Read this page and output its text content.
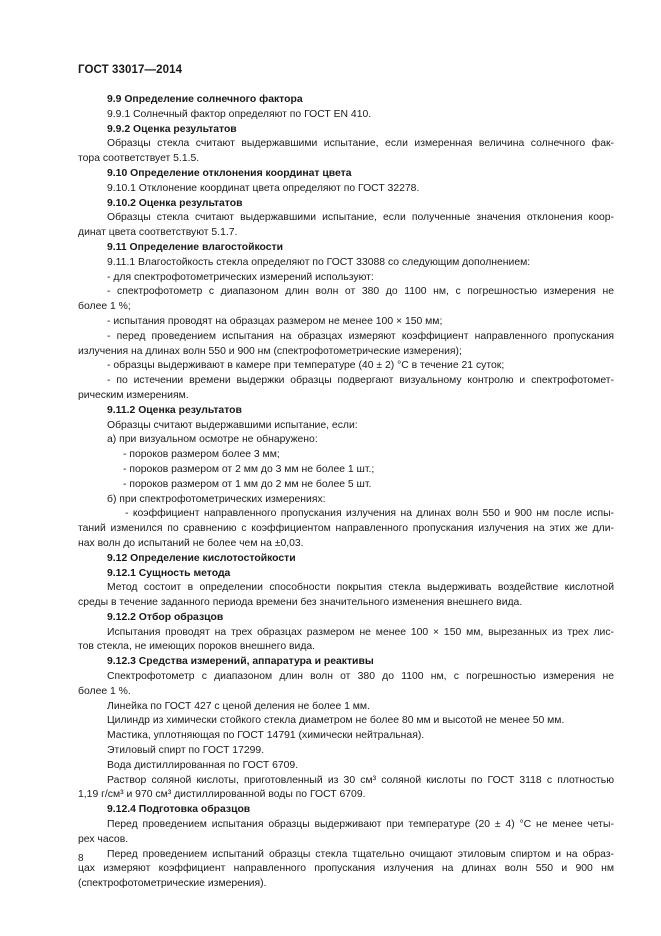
ГОСТ 33017—2014

9.9 Определение солнечного фактора

9.9.1 Солнечный фактор определяют по ГОСТ EN 410.

9.9.2 Оценка результатов

Образцы стекла считают выдержавшими испытание, если измеренная величина солнечного фак-

тора соответствует 5.1.5.

9.10 Определение отклонения координат цвета

9.10.1 Отклонение координат цвета определяют по ГОСТ 32278.

9.10.2 Оценка результатов

Образцы стекла считают выдержавшими испытание, если полученные значения отклонения коор-

динат цвета соответствуют 5.1.7.

9.11 Определение влагостойкости

9.11.1 Влагостойкость стекла определяют по ГОСТ 33088 со следующим дополнением:

- для спектрофотометрических измерений используют:

- спектрофотометр с диапазоном длин волн от 380 до 1100 нм, с погрешностью измерения не

более 1 %;

- испытания проводят на образцах размером не менее 100 × 150 мм;

- перед проведением испытания на образцах измеряют коэффициент направленного пропускания

излучения на длинах волн 550 и 900 нм (спектрофотометрические измерения);

- образцы выдерживают в камере при температуре (40 ± 2) °С в течение 21 суток;

- по истечении времени выдержки образцы подвергают визуальному контролю и спектрофотомет-

рическим измерениям.

9.11.2 Оценка результатов

Образцы считают выдержавшими испытание, если:

а) при визуальном осмотре не обнаружено:

- пороков размером более 3 мм;

- пороков размером от 2 мм до 3 мм не более 1 шт.;

- пороков размером от 1 мм до 2 мм не более 5 шт.

б) при спектрофотометрических измерениях:

- коэффициент направленного пропускания излучения на длинах волн 550 и 900 нм после испы-

таний изменился по сравнению с коэффициентом направленного пропускания излучения на этих же дли-

нах волн до испытаний не более чем на ±0,03.

9.12 Определение кислотостойкости

9.12.1 Сущность метода

Метод состоит в определении способности покрытия стекла выдерживать воздействие кислотной

среды в течение заданного периода времени без значительного изменения внешнего вида.

9.12.2 Отбор образцов

Испытания проводят на трех образцах размером не менее 100 × 150 мм, вырезанных из трех лис-

тов стекла, не имеющих пороков внешнего вида.

9.12.3 Средства измерений, аппаратура и реактивы

Спектрофотометр с диапазоном длин волн от 380 до 1100 нм, с погрешностью измерения не

более 1 %.

Линейка по ГОСТ 427 с ценой деления не более 1 мм.

Цилиндр из химически стойкого стекла диаметром не более 80 мм и высотой не менее 50 мм.

Мастика, уплотняющая по ГОСТ 14791 (химически нейтральная).

Этиловый спирт по ГОСТ 17299.

Вода дистиллированная по ГОСТ 6709.

Раствор соляной кислоты, приготовленный из 30 см³ соляной кислоты по ГОСТ 3118 с плотностью

1,19 г/см³ и 970 см³ дистиллированной воды по ГОСТ 6709.

9.12.4 Подготовка образцов

Перед проведением испытания образцы выдерживают при температуре (20 ± 4) °С не менее четы-

рех часов.

Перед проведением испытаний образцы стекла тщательно очищают этиловым спиртом и на образ-

цах измеряют коэффициент направленного пропускания излучения на длинах волн 550 и 900 нм

(спектрофотометрические измерения).

8
